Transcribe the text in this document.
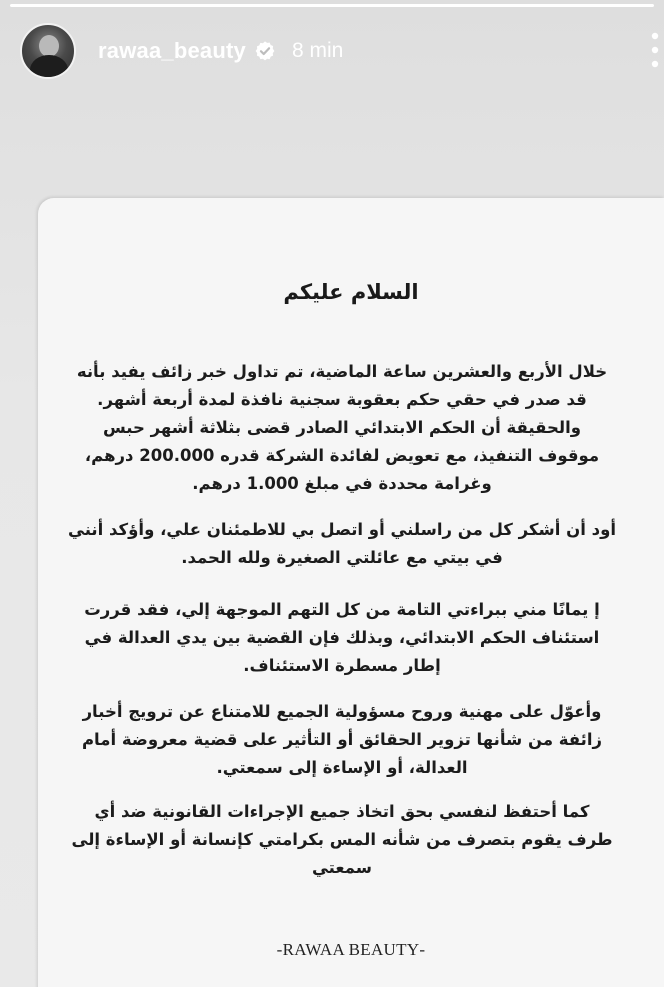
rawaa_beauty 8 min
السلام عليكم
خلال الأربع والعشرين ساعة الماضية، تم تداول خبر زائف يفيد بأنه
قد صدر في حقي حكم بعقوبة سجنية نافذة لمدة أربعة أشهر.
والحقيقة أن الحكم الابتدائي الصادر قضى بثلاثة أشهر حبس
موقوف التنفيذ، مع تعويض لفائدة الشركة قدره 200.000 درهم،
وغرامة محددة في مبلغ 1.000 درهم.
أود أن أشكر كل من راسلني أو اتصل بي للاطمئنان علي، وأؤكد أنني
في بيتي مع عائلتي الصغيرة ولله الحمد.
إ يمانًا مني ببراءتي التامة من كل التهم الموجهة إلي، فقد قررت
استئناف الحكم الابتدائي، وبذلك فإن القضية بين يدي العدالة في
إطار مسطرة الاستئناف.
وأعوّل على مهنية وروح مسؤولية الجميع للامتناع عن ترويج أخبار
زائفة من شأنها تزوير الحقائق أو التأثير على قضية معروضة أمام
العدالة، أو الإساءة إلى سمعتي.
كما أحتفظ لنفسي بحق اتخاذ جميع الإجراءات القانونية ضد أي
طرف يقوم بتصرف من شأنه المس بكرامتي كإنسانة أو الإساءة إلى
سمعتي
-RAWAA BEAUTY-
